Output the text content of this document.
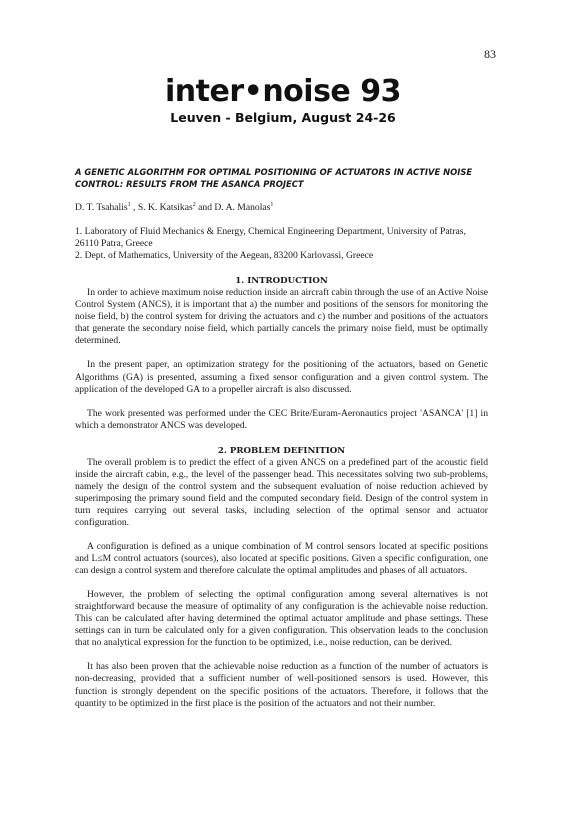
83
inter•noise 93
Leuven - Belgium, August 24-26

A GENETIC ALGORITHM FOR OPTIMAL POSITIONING OF ACTUATORS IN ACTIVE NOISE CONTROL: RESULTS FROM THE ASANCA PROJECT

D. T. Tsahalis$^1$ , S. K. Katsikas$^2$ and D. A. Manolas$^1$

1. Laboratory of Fluid Mechanics & Energy, Chemical Engineering Department, University of Patras, 26110 Patra, Greece
2. Dept. of Mathematics, University of the Aegean, 83200 Karlovassi, Greece
1. INTRODUCTION

In order to achieve maximum noise reduction inside an aircraft cabin through the use of an Active Noise Control System (ANCS), it is important that a) the number and positions of the sensors for monitoring the noise field, b) the control system for driving the actuators and c) the number and positions of the actuators that generate the secondary noise field, which partially cancels the primary noise field, must be optimally determined.

In the present paper, an optimization strategy for the positioning of the actuators, based on Genetic Algorithms (GA) is presented, assuming a fixed sensor configuration and a given control system. The application of the developed GA to a propeller aircraft is also discussed.

The work presented was performed under the CEC Brite/Euram-Aeronautics project 'ASANCA' [1] in which a demonstrator ANCS was developed.

2. PROBLEM DEFINITION

The overall problem is to predict the effect of a given ANCS on a predefined part of the acoustic field inside the aircraft cabin, e.g., the level of the passenger head. This necessitates solving two sub-problems, namely the design of the control system and the subsequent evaluation of noise reduction achieved by superimposing the primary sound field and the computed secondary field. Design of the control system in turn requires carrying out several tasks, including selection of the optimal sensor and actuator configuration.

A configuration is defined as a unique combination of M control sensors located at specific positions and L≤M control actuators (sources), also located at specific positions. Given a specific configuration, one can design a control system and therefore calculate the optimal amplitudes and phases of all actuators.

However, the problem of selecting the optimal configuration among several alternatives is not straightforward because the measure of optimality of any configuration is the achievable noise reduction. This can be calculated after having determined the optimal actuator amplitude and phase settings. These settings can in turn be calculated only for a given configuration. This observation leads to the conclusion that no analytical expression for the function to be optimized, i.e., noise reduction, can be derived.

It has also been proven that the achievable noise reduction as a function of the number of actuators is non-decreasing, provided that a sufficient number of well-positioned sensors is used. However, this function is strongly dependent on the specific positions of the actuators. Therefore, it follows that the quantity to be optimized in the first place is the position of the actuators and not their number.
